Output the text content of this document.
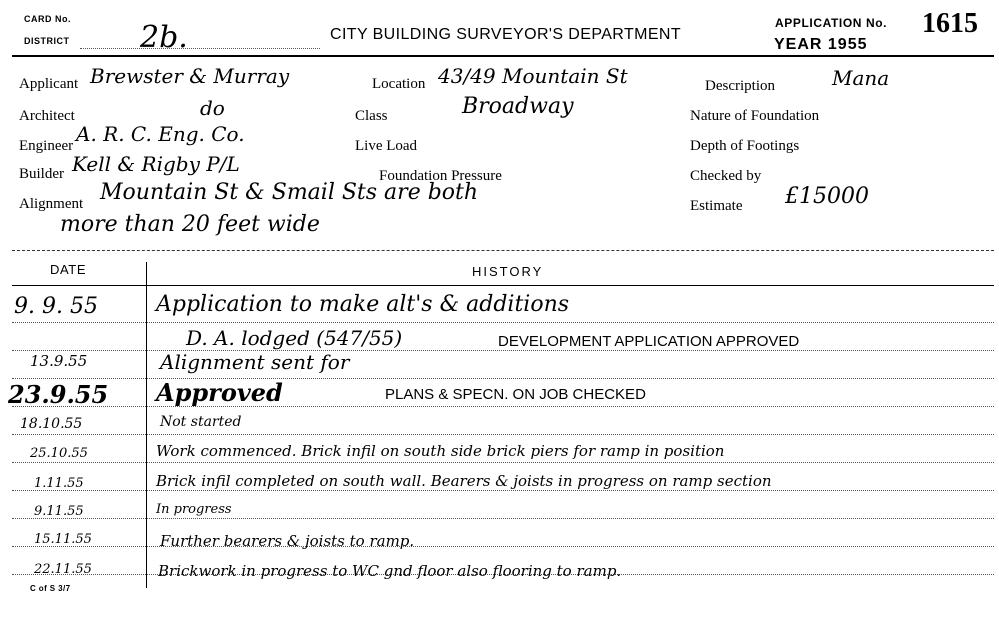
CARD No.
DISTRICT 2b.	CITY BUILDING SURVEYOR'S DEPARTMENT
APPLICATION No. 1615
YEAR 1955
Applicant Brewster & Murray	Location 43/49 Mountain St	Description	Mana
Architect	do	Class	Broadway	Nature of Foundation
Engineer A. R. C. Eng. Co.	Live Load	Depth of Footings
Builder Kell & Rigby P/L	Foundation Pressure	Checked by
Alignment Mountain St & Smail Sts are both
Estimate £15000
more than 20 feet wide
DATE	HISTORY
9. 9. 55	Application to make alt's & additions
D. A. lodged (547/55)	DEVELOPMENT APPLICATION APPROVED
13.9.55	Alignment sent for
23.9.55 Approved	PLANS & SPECN. ON JOB CHECKED
18.10.55	Not started
25.10.55	Work commenced. Brick infil on south side brick piers for ramp in position
1.11.55	Brick infil completed on south wall. Bearers & joists in progress on ramp section
9.11.55	In progress
15.11.55	Further bearers & joists to ramp.
22.11.55	Brickwork in progress to WC gnd floor also flooring to ramp.
C of S 3/7
